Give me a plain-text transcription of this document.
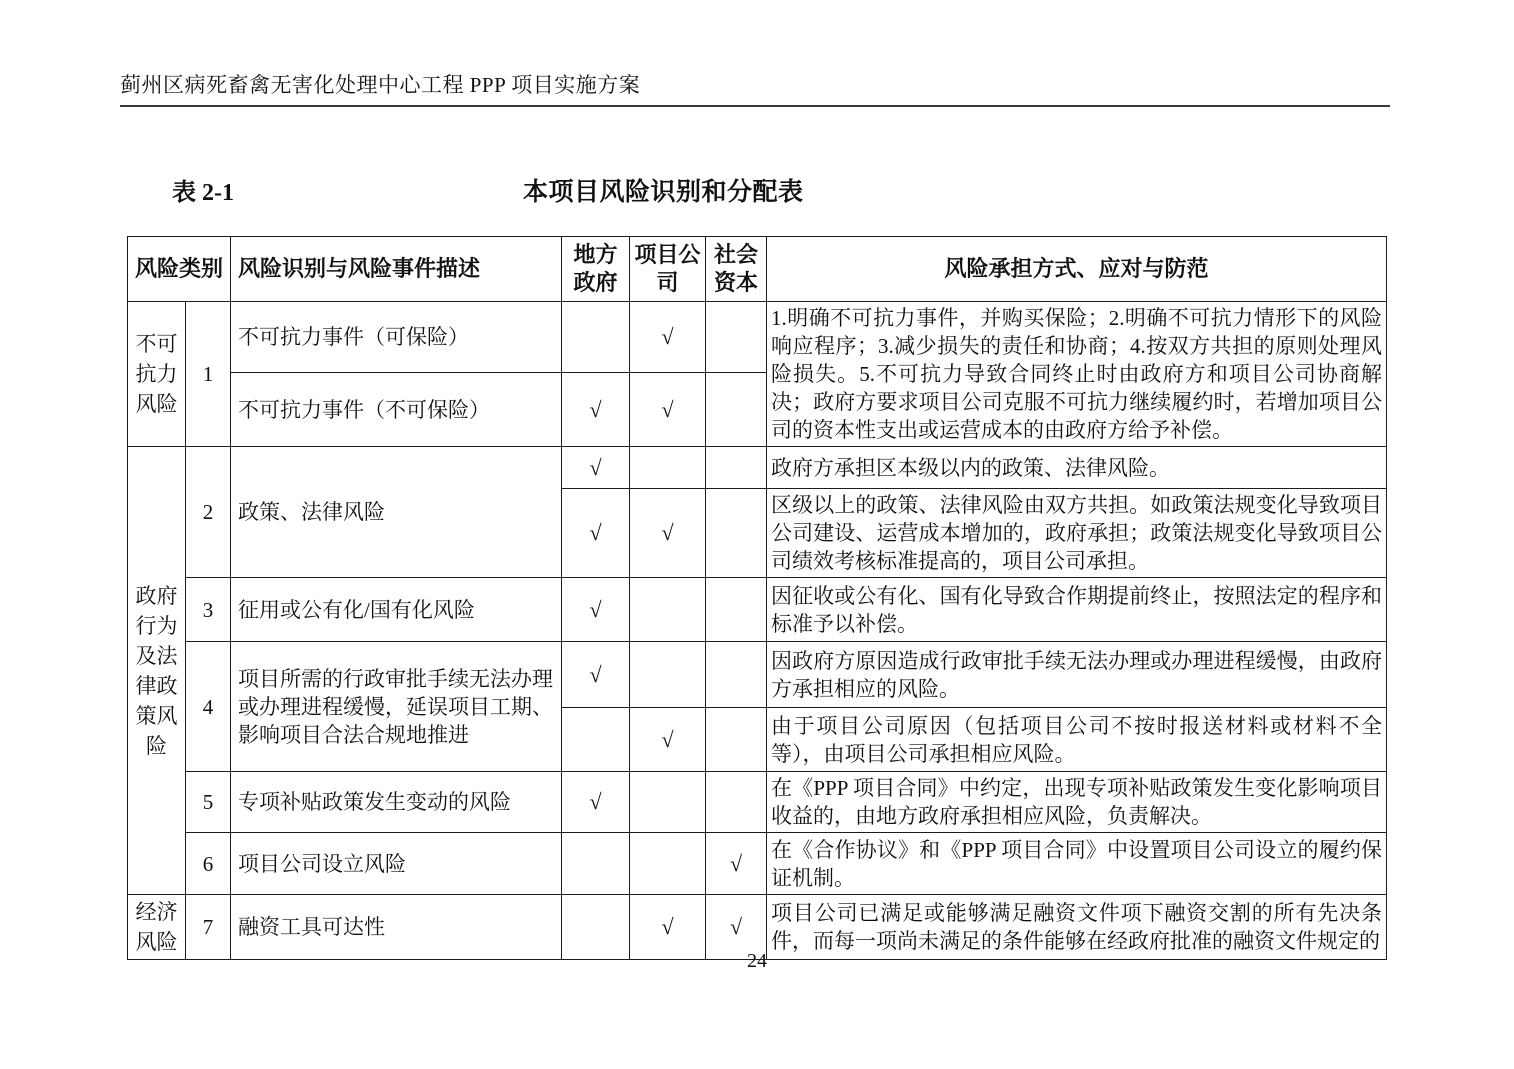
蓟州区病死畜禽无害化处理中心工程 PPP 项目实施方案
表 2-1	本项目风险识别和分配表
风险类别		风险识别与风险事件描述	地方政府	项目公司	社会资本	风险承担方式、应对与防范
不可抗力风险	1	不可抗力事件（可保险）		√		1.明确不可抗力事件，并购买保险；2.明确不可抗力情形下的风险响应程序；3.减少损失的责任和协商；4.按双方共担的原则处理风险损失。5.不可抗力导致合同终止时由政府方和项目公司协商解决；政府方要求项目公司克服不可抗力继续履约时，若增加项目公司的资本性支出或运营成本的由政府方给予补偿。
		不可抗力事件（不可保险）	√	√		
政府行为及法律政策风险	2	政策、法律风险	√			政府方承担区本级以内的政策、法律风险。
			√	√		区级以上的政策、法律风险由双方共担。如政策法规变化导致项目公司建设、运营成本增加的，政府承担；政策法规变化导致项目公司绩效考核标准提高的，项目公司承担。
	3	征用或公有化/国有化风险	√			因征收或公有化、国有化导致合作期提前终止，按照法定的程序和标准予以补偿。
	4	项目所需的行政审批手续无法办理或办理进程缓慢，延误项目工期、影响项目合法合规地推进	√			因政府方原因造成行政审批手续无法办理或办理进程缓慢，由政府方承担相应的风险。
				√		由于项目公司原因（包括项目公司不按时报送材料或材料不全等），由项目公司承担相应风险。
	5	专项补贴政策发生变动的风险	√			在《PPP 项目合同》中约定，出现专项补贴政策发生变化影响项目收益的，由地方政府承担相应风险，负责解决。
	6	项目公司设立风险			√	在《合作协议》和《PPP 项目合同》中设置项目公司设立的履约保证机制。
经济风险	7	融资工具可达性		√	√	项目公司已满足或能够满足融资文件项下融资交割的所有先决条件，而每一项尚未满足的条件能够在经政府批准的融资文件规定的
24
